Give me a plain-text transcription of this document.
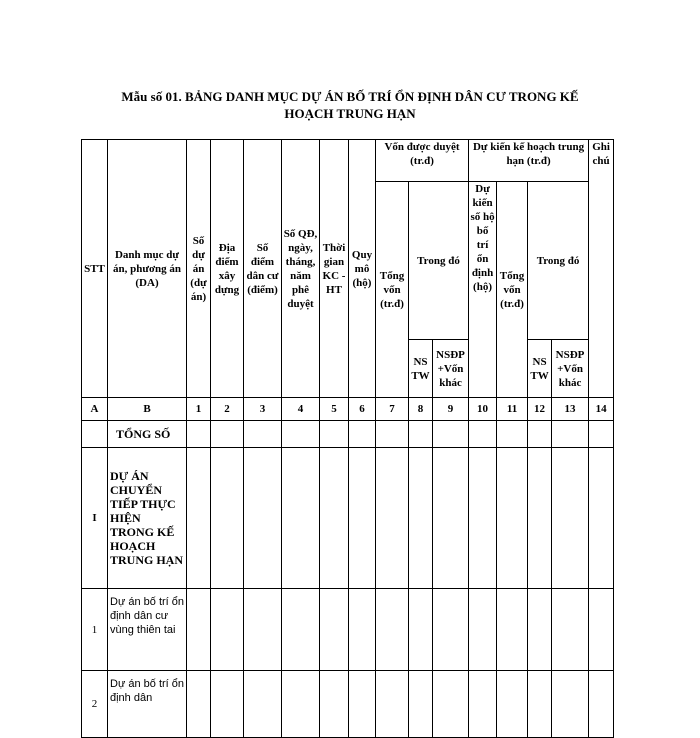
Mẫu số 01. BẢNG DANH MỤC DỰ ÁN BỐ TRÍ ỔN ĐỊNH DÂN CƯ TRONG KẾ
HOẠCH TRUNG HẠN
STT	Danh mục dự án, phương án (DA)	Số dự án (dự án)	Địa điểm xây dựng	Số điểm dân cư (điểm)	Số QĐ, ngày, tháng, năm phê duyệt	Thời gian KC - HT	Quy mô (hộ)	Vốn được duyệt (tr.đ)			Dự kiến kế hoạch trung hạn (tr.đ)				Ghi chú
								Tổng vốn (tr.đ)	Trong đó		Dự kiến số hộ bố trí ổn định (hộ)	Tổng vốn (tr.đ)	Trong đó		
									NS TW	NSĐP +Vốn khác			NS TW	NSĐP +Vốn khác	
A	B	1	2	3	4	5	6	7	8	9	10	11	12	13	14
	TỔNG SỐ														
I	DỰ ÁN CHUYỂN TIẾP THỰC HIỆN TRONG KẾ HOẠCH TRUNG HẠN														
1	Dự án bố trí ổn định dân cư vùng thiên tai														
2	Dự án bố trí ổn định dân														
